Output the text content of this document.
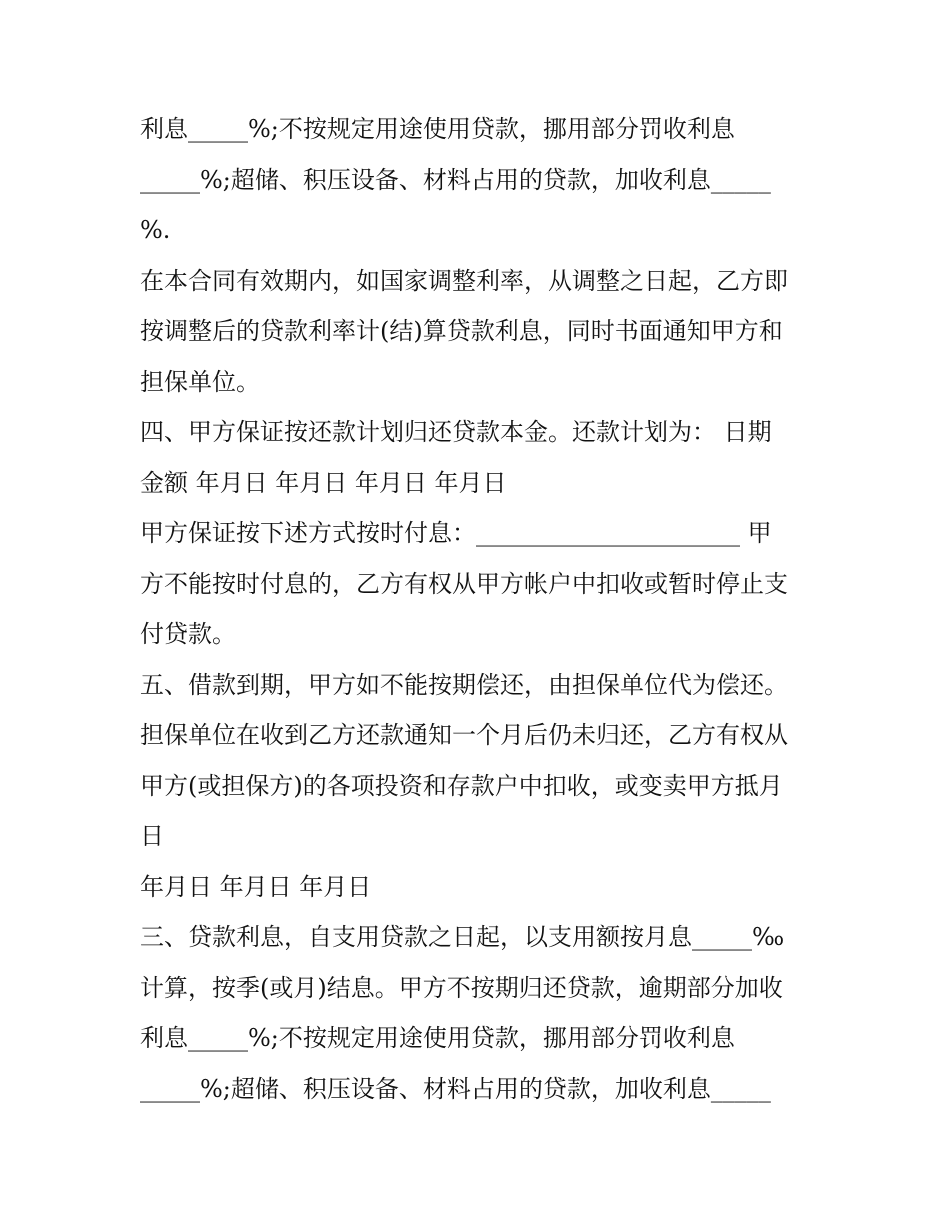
利息_____%;不按规定用途使用贷款，挪用部分罚收利息
_____%;超储、积压设备、材料占用的贷款，加收利息_____
%.
在本合同有效期内，如国家调整利率，从调整之日起，乙方即
按调整后的贷款利率计(结)算贷款利息，同时书面通知甲方和
担保单位。
四、甲方保证按还款计划归还贷款本金。还款计划为： 日期
金额 年月日 年月日 年月日 年月日
甲方保证按下述方式按时付息：______________________ 甲
方不能按时付息的，乙方有权从甲方帐户中扣收或暂时停止支
付贷款。
五、借款到期，甲方如不能按期偿还，由担保单位代为偿还。
担保单位在收到乙方还款通知一个月后仍未归还，乙方有权从
甲方(或担保方)的各项投资和存款户中扣收，或变卖甲方抵月
日
年月日 年月日 年月日
三、贷款利息，自支用贷款之日起，以支用额按月息_____‰
计算，按季(或月)结息。甲方不按期归还贷款，逾期部分加收
利息_____%;不按规定用途使用贷款，挪用部分罚收利息
_____%;超储、积压设备、材料占用的贷款，加收利息_____
